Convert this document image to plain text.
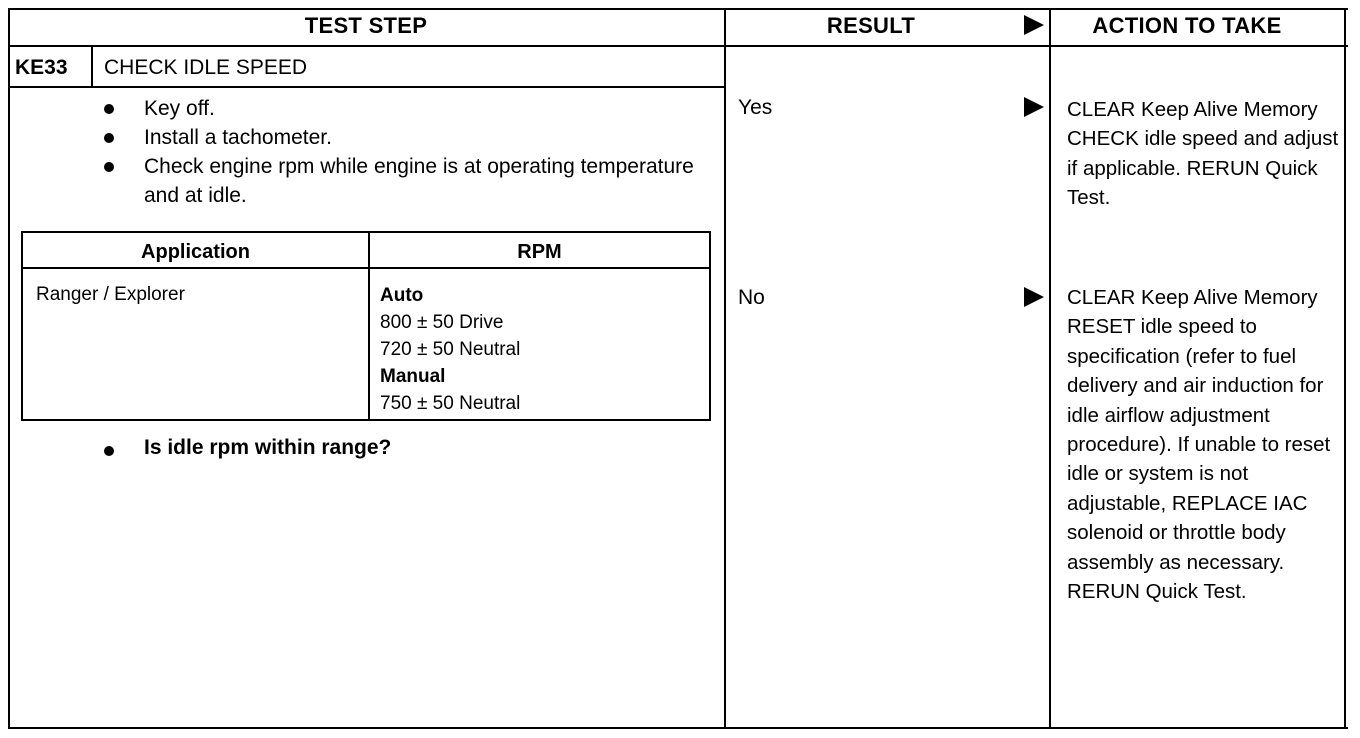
TEST STEP	RESULT	ACTION TO TAKE
KE33 CHECK IDLE SPEED
Key off.
Install a tachometer.
Check engine rpm while engine is at operating temperature and at idle.
Application	RPM
Ranger / Explorer	Auto
800 ± 50 Drive
720 ± 50 Neutral
Manual
750 ± 50 Neutral
Is idle rpm within range?
Yes	CLEAR Keep Alive Memory CHECK idle speed and adjust if applicable. RERUN Quick Test.
No	CLEAR Keep Alive Memory RESET idle speed to specification (refer to fuel delivery and air induction for idle airflow adjustment procedure). If unable to reset idle or system is not adjustable, REPLACE IAC solenoid or throttle body assembly as necessary. RERUN Quick Test.
